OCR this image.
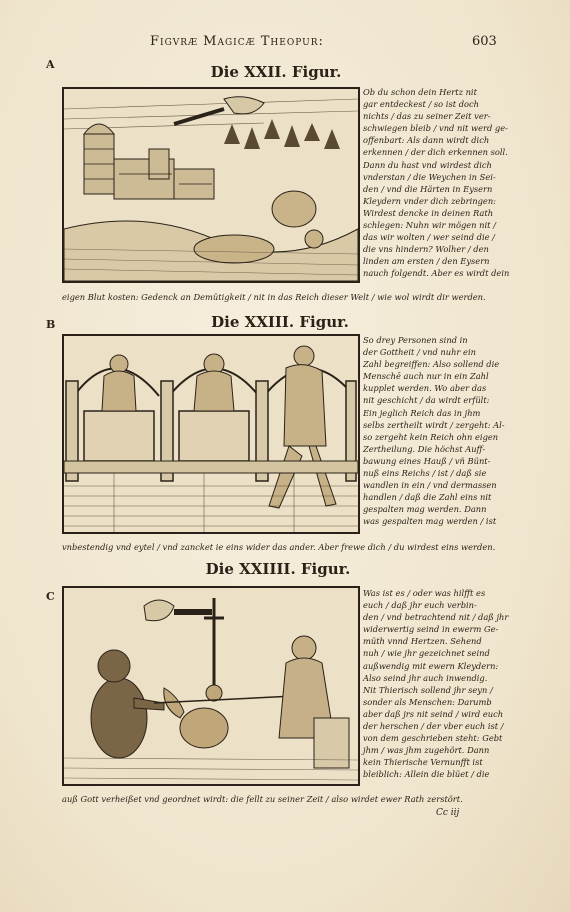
Figvræ Magicæ Theopur:	603
A	Die XXII. Figur.
Ob du schon dein Hertz nit
gar entdeckest / so ist doch
nichts / das zu seiner Zeit ver-
schwiegen bleib / vnd nit werd ge-
offenbart: Als dann wirdt dich
erkennen / der dich erkennen soll.
Dann du hast vnd wirdest dich
vnderstan / die Weychen in Sei-
den / vnd die Härten in Eysern
Kleydern vnder dich zebringen:
Wirdest dencke in deinen Rath
schlegen: Nuhn wir mögen nit /
das wir wolten / wer seind die /
die vns hindern? Wolher / den
linden am ersten / den Eysern
nauch folgendt. Aber es wirdt dein
eigen Blut kosten: Gedenck an Demütigkeit / nit in das Reich dieser Welt / wie wol wirdt dir werden.
B	Die XXIII. Figur.
So drey Personen sind in
der Gottheit / vnd nuhr ein
Zahl begreiffen: Also sollend die
Menschē auch nur in ein Zahl
kupplet werden. Wo aber das
nit geschicht / da wirdt erfült:
Ein jeglich Reich das in jhm
selbs zertheilt wirdt / zergeht: Al-
so zergeht kein Reich ohn eigen
Zertheilung. Die höchst Auff-
bawung eines Hauß / vñ Bünt-
nuß eins Reichs / ist / daß sie
wandlen in ein / vnd dermassen
handlen / daß die Zahl eins nit
gespalten mag werden. Dann
was gespalten mag werden / ist
vnbestendig vnd eytel / vnd zancket ie eins wider das ander. Aber frewe dich / du wirdest eins werden.
C
Die XXIIII. Figur.
Was ist es / oder was hilfft es
euch / daß jhr euch verbin-
den / vnd betrachtend nit / daß jhr
widerwertig seind in ewerm Ge-
müth vnnd Hertzen. Sehend
nuh / wie jhr gezeichnet seind
außwendig mit ewern Kleydern:
Also seind jhr auch inwendig.
Nit Thierisch sollend jhr seyn /
sonder als Menschen: Darumb
aber daß jrs nit seind / wird euch
der herschen / der vber euch ist /
von dem geschrieben steht: Gebt
jhm / was jhm zugehört. Dann
kein Thierische Vernunfft ist
bleiblich: Allein die blüet / die
auß Gott verheißet vnd geordnet wirdt: die fellt zu seiner Zeit / also wirdet ewer Rath zerstört.
Cc iij
